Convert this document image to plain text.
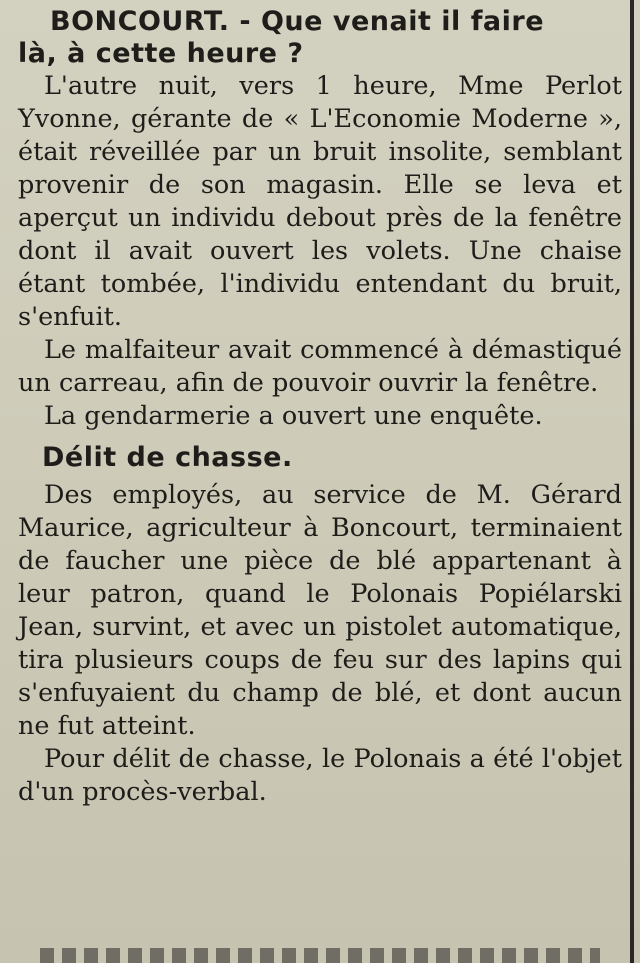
BONCOURT. - Que venait il faire
là, à cette heure ?

L'autre nuit, vers 1 heure, Mme Perlot Yvonne, gérante de « L'Economie Moderne », était réveillée par un bruit insolite, semblant provenir de son magasin. Elle se leva et aperçut un individu debout près de la fenêtre dont il avait ouvert les volets. Une chaise étant tombée, l'individu entendant du bruit, s'enfuit.

Le malfaiteur avait commencé à démastiqué un carreau, afin de pouvoir ouvrir la fenêtre.

La gendarmerie a ouvert une enquête.

Délit de chasse.

Des employés, au service de M. Gérard Maurice, agriculteur à Boncourt, terminaient de faucher une pièce de blé appartenant à leur patron, quand le Polonais Popiélarski Jean, survint, et avec un pistolet automatique, tira plusieurs coups de feu sur des lapins qui s'enfuyaient du champ de blé, et dont aucun ne fut atteint.

Pour délit de chasse, le Polonais a été l'objet d'un procès-verbal.
